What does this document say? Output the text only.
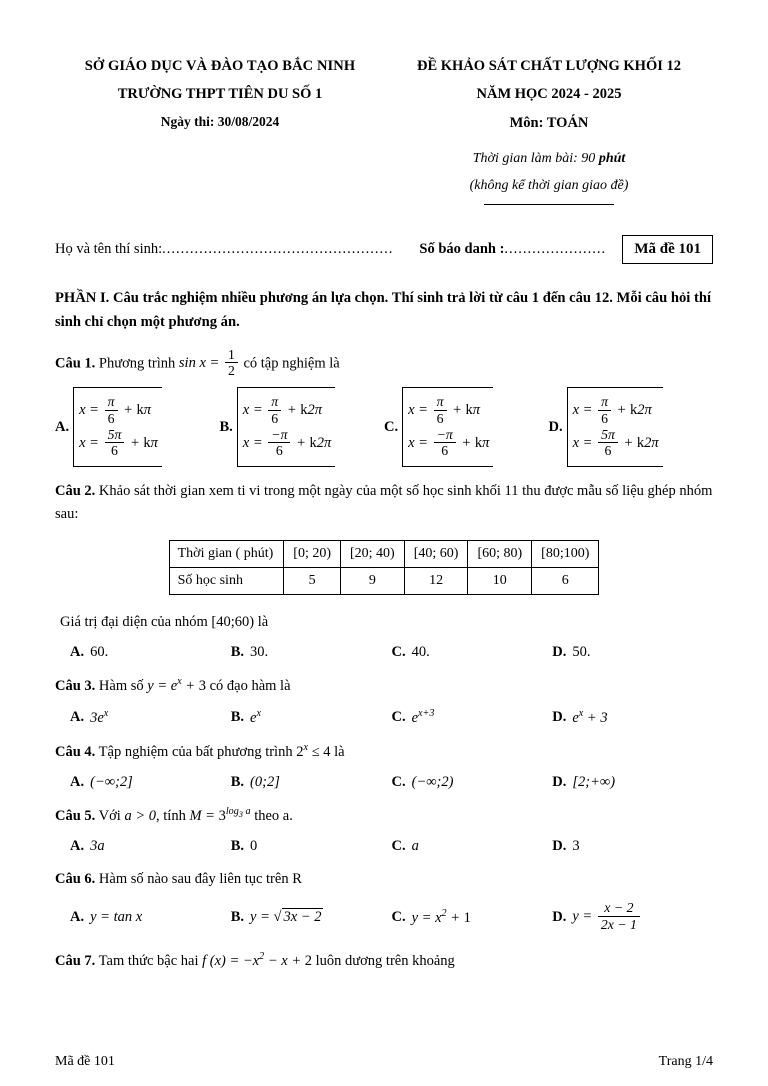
SỞ GIÁO DỤC VÀ ĐÀO TẠO BẮC NINH
TRƯỜNG THPT TIÊN DU SỐ 1
Ngày thi: 30/08/2024
ĐỀ KHẢO SÁT CHẤT LƯỢNG KHỐI 12
NĂM HỌC 2024 - 2025
Môn: TOÁN
Thời gian làm bài: 90 phút
(không kể thời gian giao đề)
Họ và tên thí sinh: .................................................. Số báo danh :......................	Mã đề 101
PHẦN I. Câu trắc nghiệm nhiều phương án lựa chọn. Thí sinh trả lời từ câu 1 đến câu 12. Mỗi câu hỏi thí sinh chỉ chọn một phương án.
Câu 1. Phương trình $\sin x = \frac{1}{2}$ có tập nghiệm là
A.
$x = \frac{\pi}{6} + k\pi$
$x = \frac{5\pi}{6} + k\pi$
B.
$x = \frac{\pi}{6} + k2\pi$
$x = \frac{-\pi}{6} + k2\pi$
C.
$x = \frac{\pi}{6} + k\pi$
$x = \frac{-\pi}{6} + k\pi$
D.
$x = \frac{\pi}{6} + k2\pi$
$x = \frac{5\pi}{6} + k2\pi$
Câu 2. Khảo sát thời gian xem ti vi trong một ngày của một số học sinh khối 11 thu được mẫu số liệu ghép nhóm sau:
Thời gian ( phút)	[0; 20)	[20; 40)	[40; 60)	[60; 80)	[80;100)
Số học sinh	5	9	12	10	6
Giá trị đại diện của nhóm [40;60) là
A. 60.	B. 30.	C. 40.	D. 50.
Câu 3. Hàm số $y = e^x + 3$ có đạo hàm là
A. $3e^x$	B. $e^x$	C. $e^{x+3}$	D. $e^x + 3$
Câu 4. Tập nghiệm của bất phương trình $2^x \le 4$ là
A. (−∞;2]	B. (0;2]	C. (−∞;2)	D. [2;+∞)
Câu 5. Với a > 0, tính $M = 3^{log_3 a}$ theo a.
A. 3a	B. 0	C. a	D. 3
Câu 6. Hàm số nào sau đây liên tục trên R
A. y = tan x	B. y = √ 3x − 2	C. $y = x^2 + 1$	D. $y = \frac{x - 2}{2x - 1}$
Câu 7. Tam thức bậc hai f $(x) = -x^2 - x + 2$ luôn dương trên khoảng
Mã đề 101	Trang 1/4
